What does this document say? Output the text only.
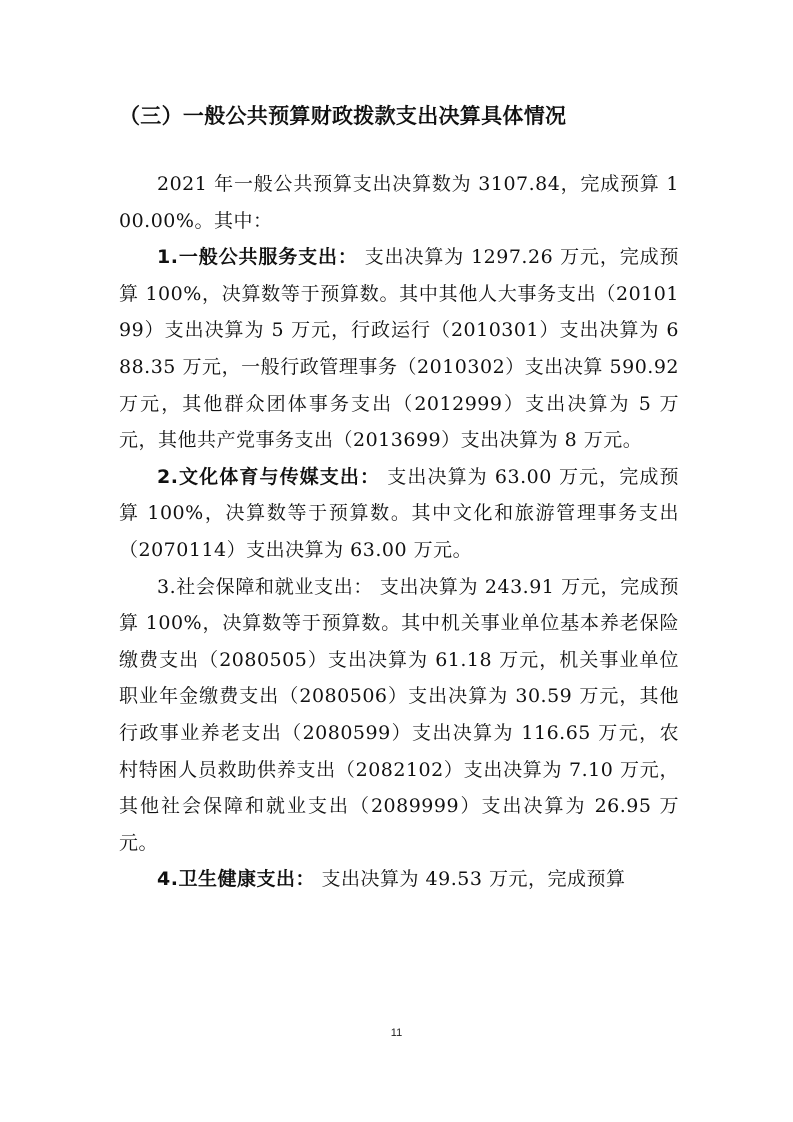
（三）一般公共预算财政拨款支出决算具体情况

2021 年一般公共预算支出决算数为 3107.84，完成预算 100.00%。其中：

1.一般公共服务支出： 支出决算为 1297.26 万元，完成预算 100%，决算数等于预算数。其中其他人大事务支出（2010199）支出决算为 5 万元，行政运行（2010301）支出决算为 688.35 万元，一般行政管理事务（2010302）支出决算 590.92 万元，其他群众团体事务支出（2012999）支出决算为 5 万元，其他共产党事务支出（2013699）支出决算为 8 万元。

2.文化体育与传媒支出： 支出决算为 63.00 万元，完成预算 100%，决算数等于预算数。其中文化和旅游管理事务支出（2070114）支出决算为 63.00 万元。

3.社会保障和就业支出： 支出决算为 243.91 万元，完成预算 100%，决算数等于预算数。其中机关事业单位基本养老保险缴费支出（2080505）支出决算为 61.18 万元，机关事业单位职业年金缴费支出（2080506）支出决算为 30.59 万元，其他行政事业养老支出（2080599）支出决算为 116.65 万元，农村特困人员救助供养支出（2082102）支出决算为 7.10 万元，其他社会保障和就业支出（2089999）支出决算为 26.95 万元。

4.卫生健康支出： 支出决算为 49.53 万元，完成预算

11
